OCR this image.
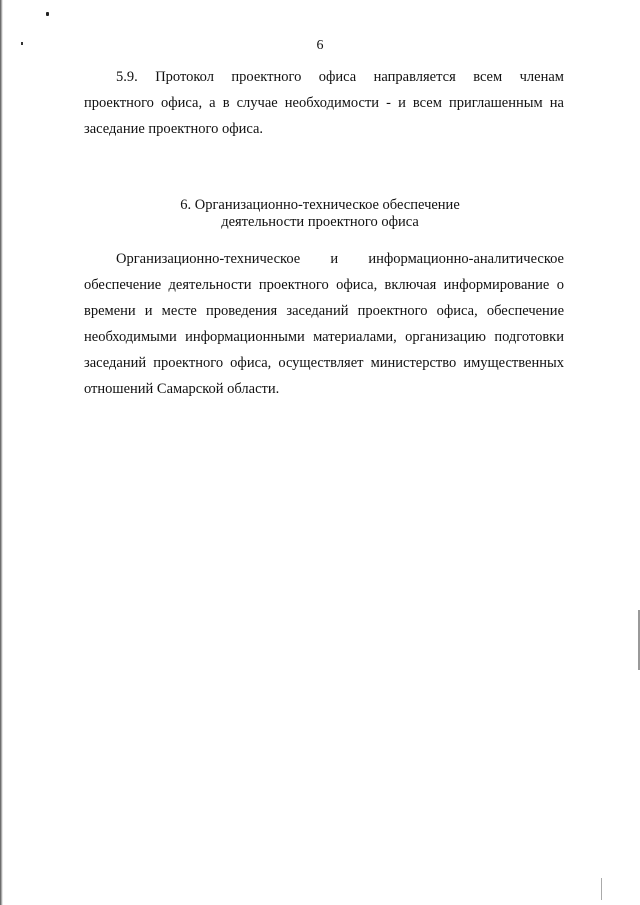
6
5.9. Протокол проектного офиса направляется всем членам
проектного офиса, а в случае необходимости - и всем приглашенным на
заседание проектного офиса.
6. Организационно-техническое обеспечение
деятельности проектного офиса
Организационно-техническое и информационно-аналитическое
обеспечение деятельности проектного офиса, включая информирование о
времени и месте проведения заседаний проектного офиса, обеспечение
необходимыми информационными материалами, организацию подготовки
заседаний проектного офиса, осуществляет министерство имущественных
отношений Самарской области.
